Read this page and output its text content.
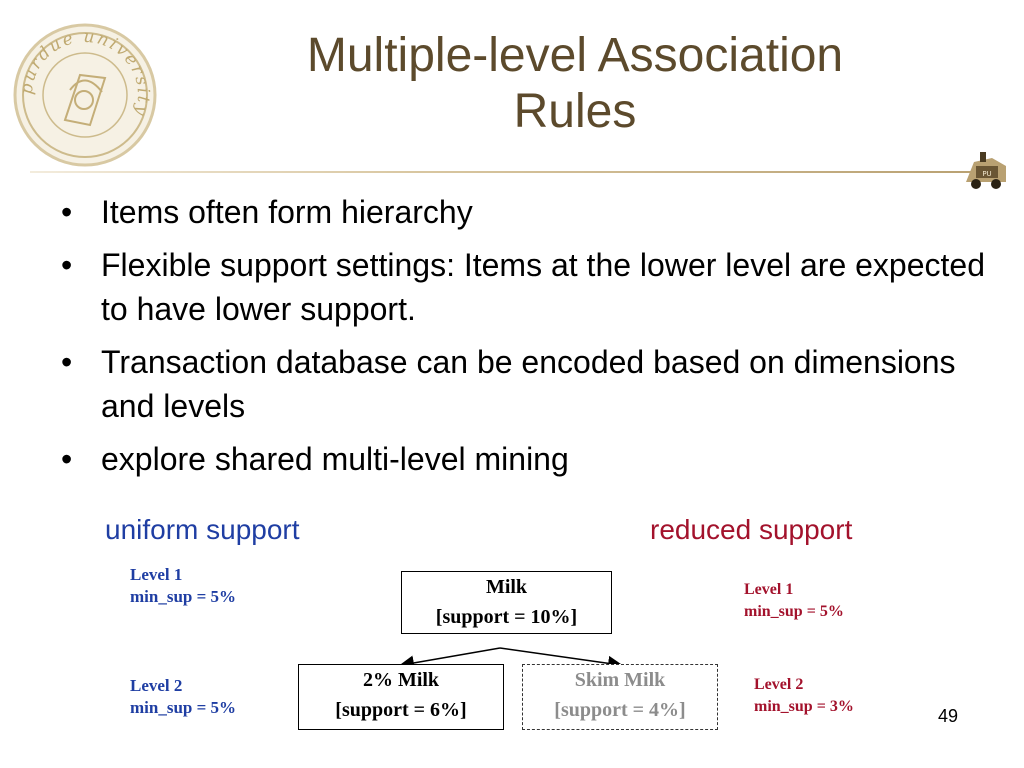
purdue university
Multiple-level Association
Rules
PU
• Items often form hierarchy
• Flexible support settings: Items at the lower level are expected to have lower support.
• Transaction database can be encoded based on dimensions and levels
• explore shared multi-level mining
uniform support	reduced support
Level 1
min_sup = 5%
Level 2
min_sup = 5%
Level 1
min_sup = 5%
Level 2
min_sup = 3%
Milk
[support = 10%]
2% Milk
[support = 6%]
Skim Milk
[support = 4%]	49
